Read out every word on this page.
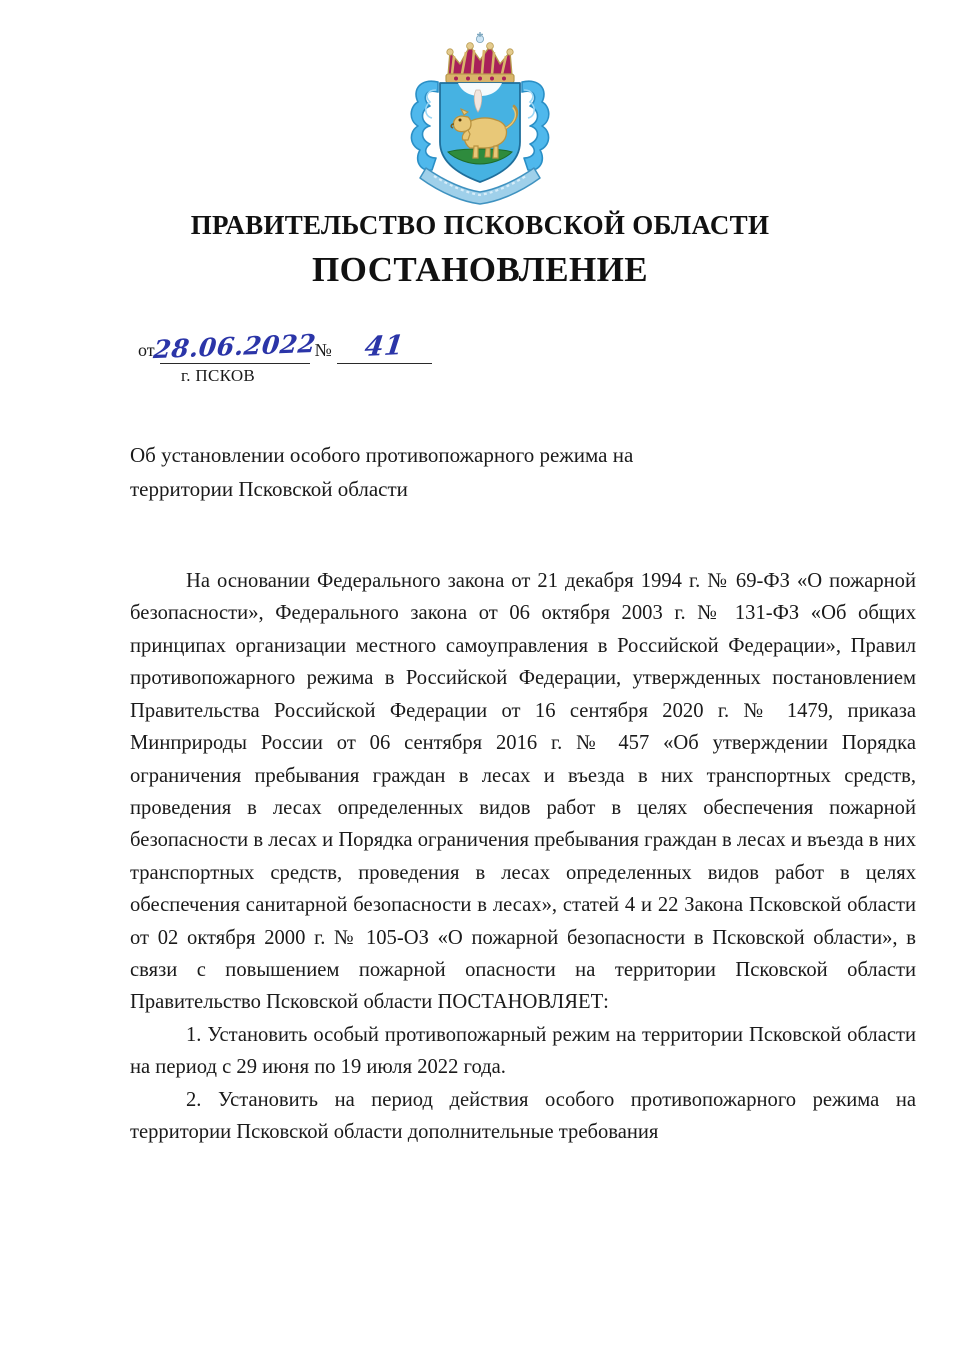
ПРАВИТЕЛЬСТВО ПСКОВСКОЙ ОБЛАСТИ
ПОСТАНОВЛЕНИЕ
от
28.06.2022
№ 41
г. ПСКОВ
Об установлении особого противопожарного режима на территории Псковской области

На основании Федерального закона от 21 декабря 1994 г. № 69-ФЗ «О пожарной безопасности», Федерального закона от 06 октября 2003 г. № 131-ФЗ «Об общих принципах организации местного самоуправления в Российской Федерации», Правил противопожарного режима в Российской Федерации, утвержденных постановлением Правительства Российской Федерации от 16 сентября 2020 г. № 1479, приказа Минприроды России от 06 сентября 2016 г. № 457 «Об утверждении Порядка ограничения пребывания граждан в лесах и въезда в них транспортных средств, проведения в лесах определенных видов работ в целях обеспечения пожарной безопасности в лесах и Порядка ограничения пребывания граждан в лесах и въезда в них транспортных средств, проведения в лесах определенных видов работ в целях обеспечения санитарной безопасности в лесах», статей 4 и 22 Закона Псковской области от 02 октября 2000 г. № 105-ОЗ «О пожарной безопасности в Псковской области», в связи с повышением пожарной опасности на территории Псковской области Правительство Псковской области ПОСТАНОВЛЯЕТ:

1. Установить особый противопожарный режим на территории Псковской области на период с 29 июня по 19 июля 2022 года.

2. Установить на период действия особого противопожарного режима на территории Псковской области дополнительные требования
